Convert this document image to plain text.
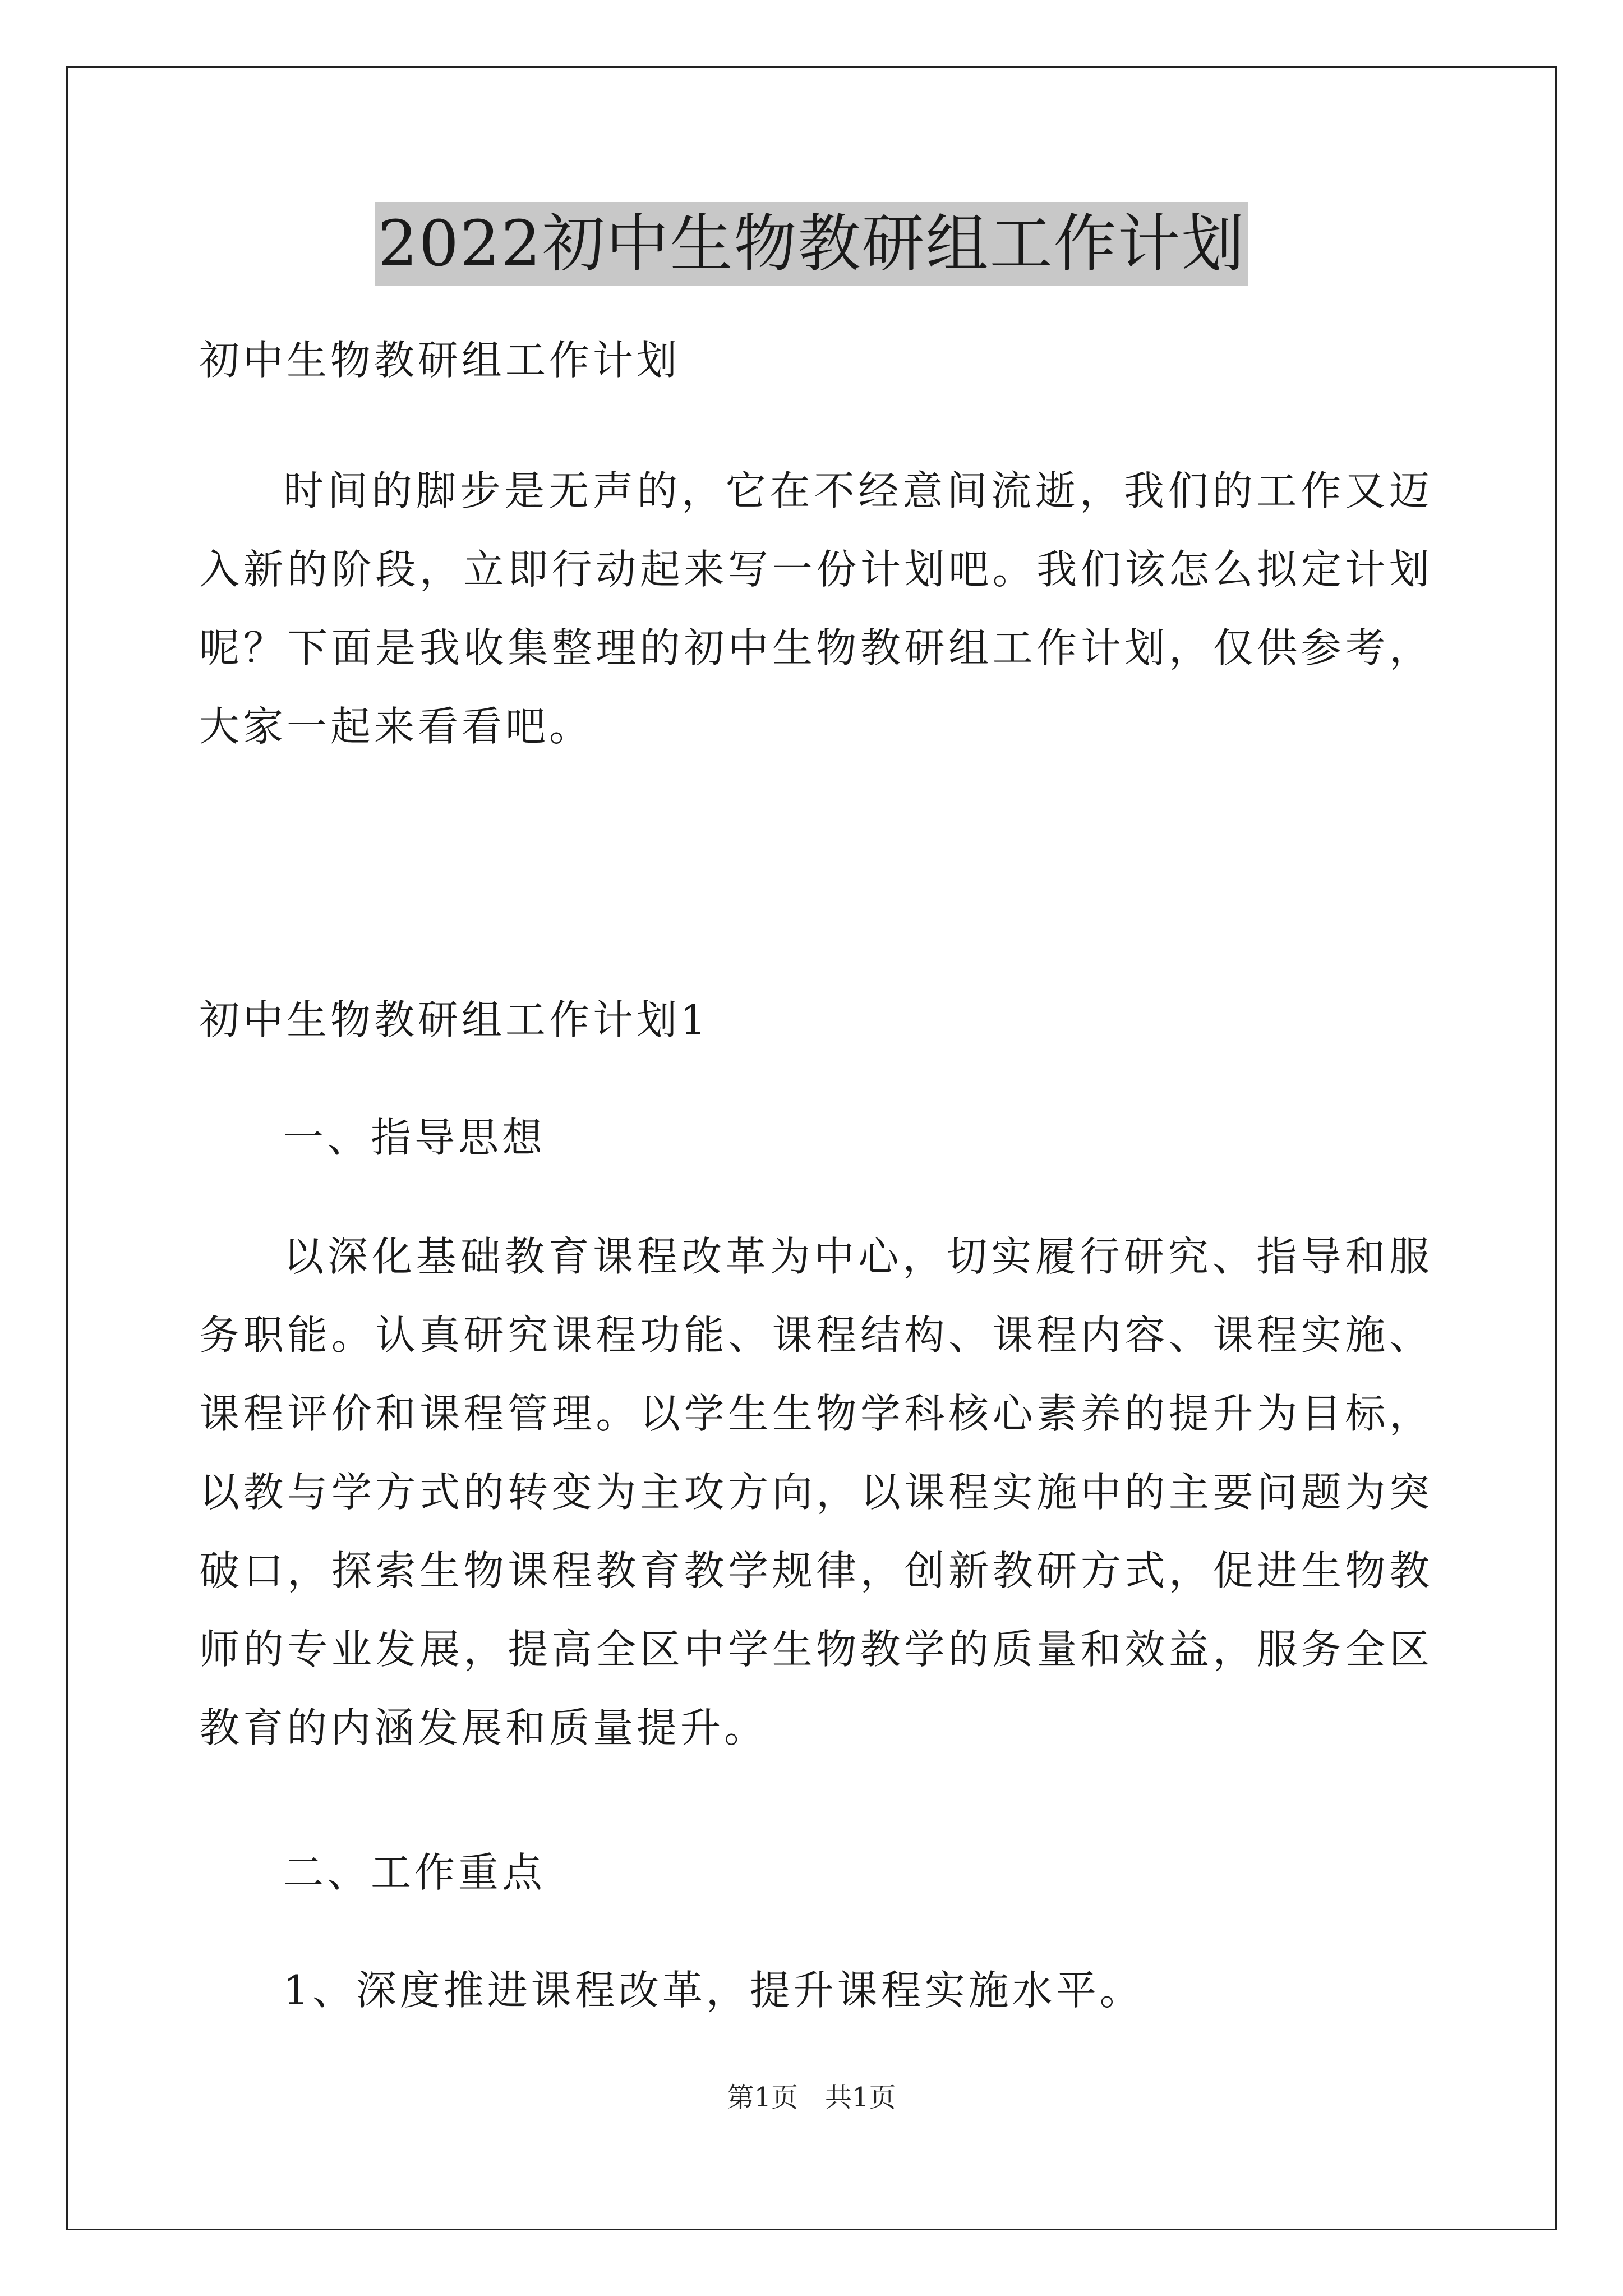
2022初中生物教研组工作计划

初中生物教研组工作计划

时间的脚步是无声的，它在不经意间流逝，我们的工作又迈入新的阶段，立即行动起来写一份计划吧。我们该怎么拟定计划呢？下面是我收集整理的初中生物教研组工作计划，仅供参考，大家一起来看看吧。

初中生物教研组工作计划1

一、指导思想

以深化基础教育课程改革为中心，切实履行研究、指导和服务职能。认真研究课程功能、课程结构、课程内容、课程实施、课程评价和课程管理。以学生生物学科核心素养的提升为目标，以教与学方式的转变为主攻方向，以课程实施中的主要问题为突破口，探索生物课程教育教学规律，创新教研方式，促进生物教师的专业发展，提高全区中学生物教学的质量和效益，服务全区教育的内涵发展和质量提升。

二、工作重点

1、深度推进课程改革，提升课程实施水平。

第1页　共1页
